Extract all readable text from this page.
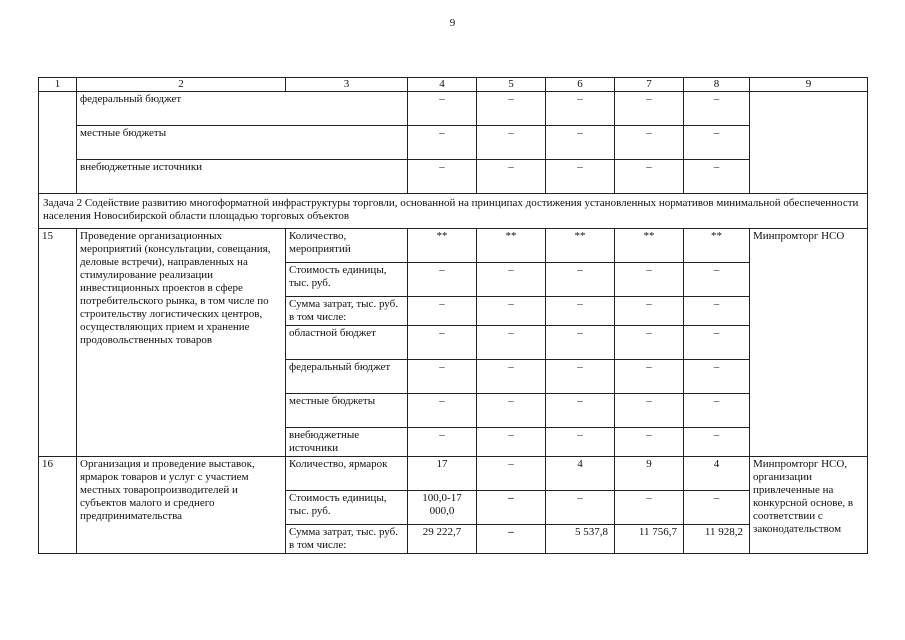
9
1	2	3	4	5	6	7	8	9
	федеральный бюджет		–	–	–	–	–	
	местные бюджеты		–	–	–	–	–	
	внебюджетные источники		–	–	–	–	–	
Задача 2 Содействие развитию многоформатной инфраструктуры торговли, основанной на принципах достижения установленных нормативов минимальной обеспеченности населения Новосибирской области площадью торговых объектов								
15	Проведение организационных мероприятий (консультации, совещания, деловые встречи), направленных на стимулирование реализации инвестиционных проектов в сфере потребительского рынка, в том числе по строительству логистических центров, осуществляющих прием и хранение продовольственных товаров	Количество, мероприятий	**	**	**	**	**	Минпромторг НСО
		Стоимость единицы, тыс. руб.	–	–	–	–	–	
		Сумма затрат, тыс. руб. в том числе:	–	–	–	–	–	
		областной бюджет	–	–	–	–	–	
		федеральный бюджет	–	–	–	–	–	
		местные бюджеты	–	–	–	–	–	
		внебюджетные источники	–	–	–	–	–	
16	Организация и проведение выставок, ярмарок товаров и услуг с участием местных товаропроизводителей и субъектов малого и среднего предпринимательства	Количество, ярмарок	17	–	4	9	4	Минпромторг НСО, организации привлеченные на конкурсной основе, в соответствии с законодательством
		Стоимость единицы, тыс. руб.	100,0-17 000,0	–	–	–	–	
		Сумма затрат, тыс. руб. в том числе:	29 222,7	–	5 537,8	11 756,7	11 928,2	
